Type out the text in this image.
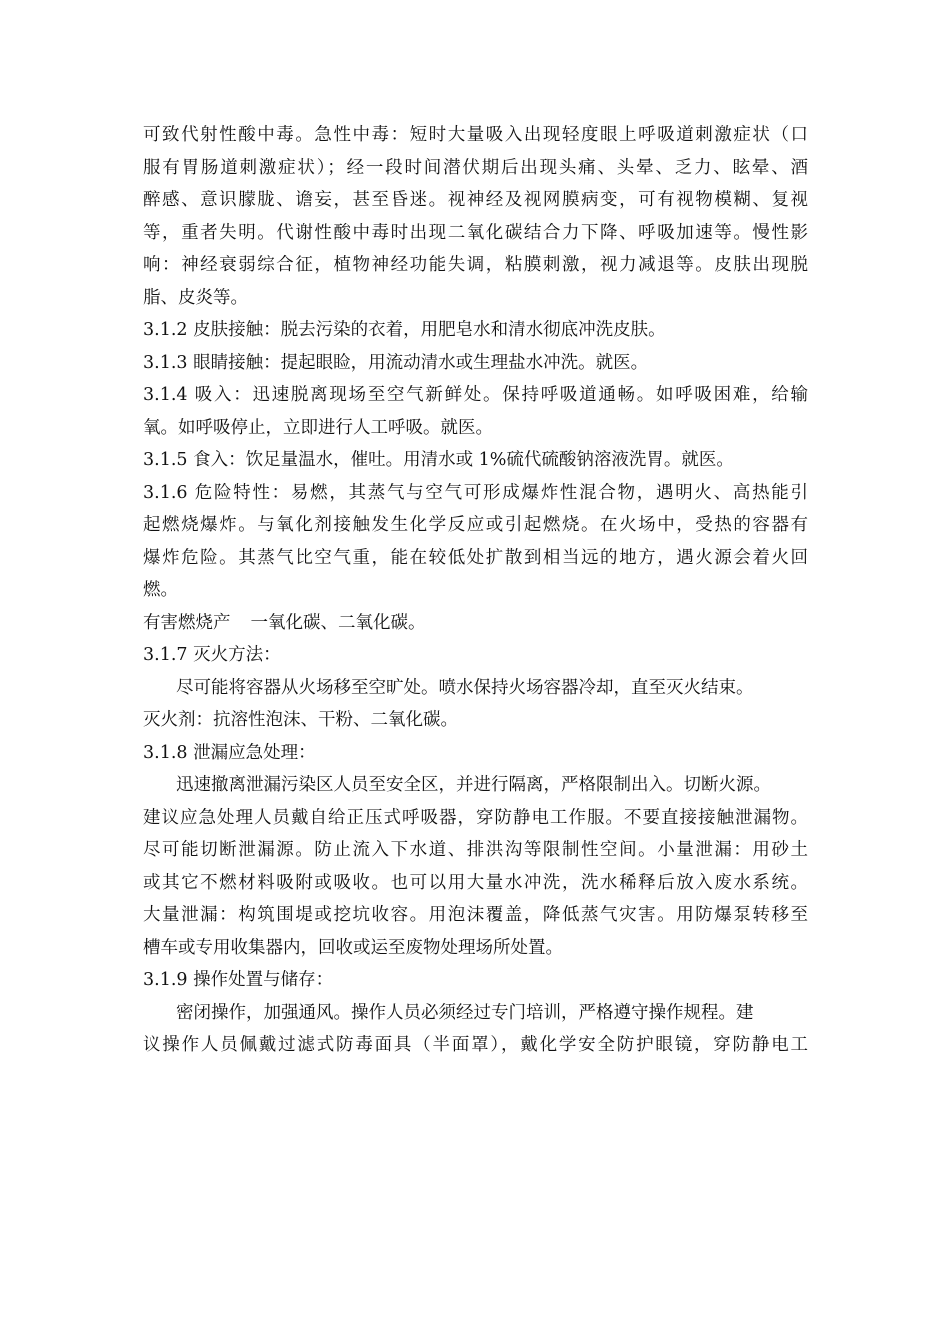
可致代射性酸中毒。急性中毒：短时大量吸入出现轻度眼上呼吸道刺激症状（口
服有胃肠道刺激症状）；经一段时间潜伏期后出现头痛、头晕、乏力、眩晕、酒
醉感、意识朦胧、谵妄，甚至昏迷。视神经及视网膜病变，可有视物模糊、复视
等，重者失明。代谢性酸中毒时出现二氧化碳结合力下降、呼吸加速等。慢性影
响：神经衰弱综合征，植物神经功能失调，粘膜刺激，视力减退等。皮肤出现脱
脂、皮炎等。
3.1.2 皮肤接触：脱去污染的衣着，用肥皂水和清水彻底冲洗皮肤。
3.1.3 眼睛接触：提起眼睑，用流动清水或生理盐水冲洗。就医。
3.1.4 吸入：迅速脱离现场至空气新鲜处。保持呼吸道通畅。如呼吸困难，给输
氧。如呼吸停止，立即进行人工呼吸。就医。
3.1.5 食入：饮足量温水，催吐。用清水或 1%硫代硫酸钠溶液洗胃。就医。
3.1.6 危险特性：易燃，其蒸气与空气可形成爆炸性混合物，遇明火、高热能引
起燃烧爆炸。与氧化剂接触发生化学反应或引起燃烧。在火场中，受热的容器有
爆炸危险。其蒸气比空气重，能在较低处扩散到相当远的地方，遇火源会着火回
燃。
有害燃烧产 一氧化碳、二氧化碳。
3.1.7 灭火方法：
尽可能将容器从火场移至空旷处。喷水保持火场容器冷却，直至灭火结束。
灭火剂：抗溶性泡沫、干粉、二氧化碳。
3.1.8 泄漏应急处理：
迅速撤离泄漏污染区人员至安全区，并进行隔离，严格限制出入。切断火源。
建议应急处理人员戴自给正压式呼吸器，穿防静电工作服。不要直接接触泄漏物。
尽可能切断泄漏源。防止流入下水道、排洪沟等限制性空间。小量泄漏：用砂土
或其它不燃材料吸附或吸收。也可以用大量水冲洗，洗水稀释后放入废水系统。
大量泄漏：构筑围堤或挖坑收容。用泡沫覆盖，降低蒸气灾害。用防爆泵转移至
槽车或专用收集器内，回收或运至废物处理场所处置。
3.1.9 操作处置与储存：
密闭操作，加强通风。操作人员必须经过专门培训，严格遵守操作规程。建
议操作人员佩戴过滤式防毒面具（半面罩），戴化学安全防护眼镜，穿防静电工
